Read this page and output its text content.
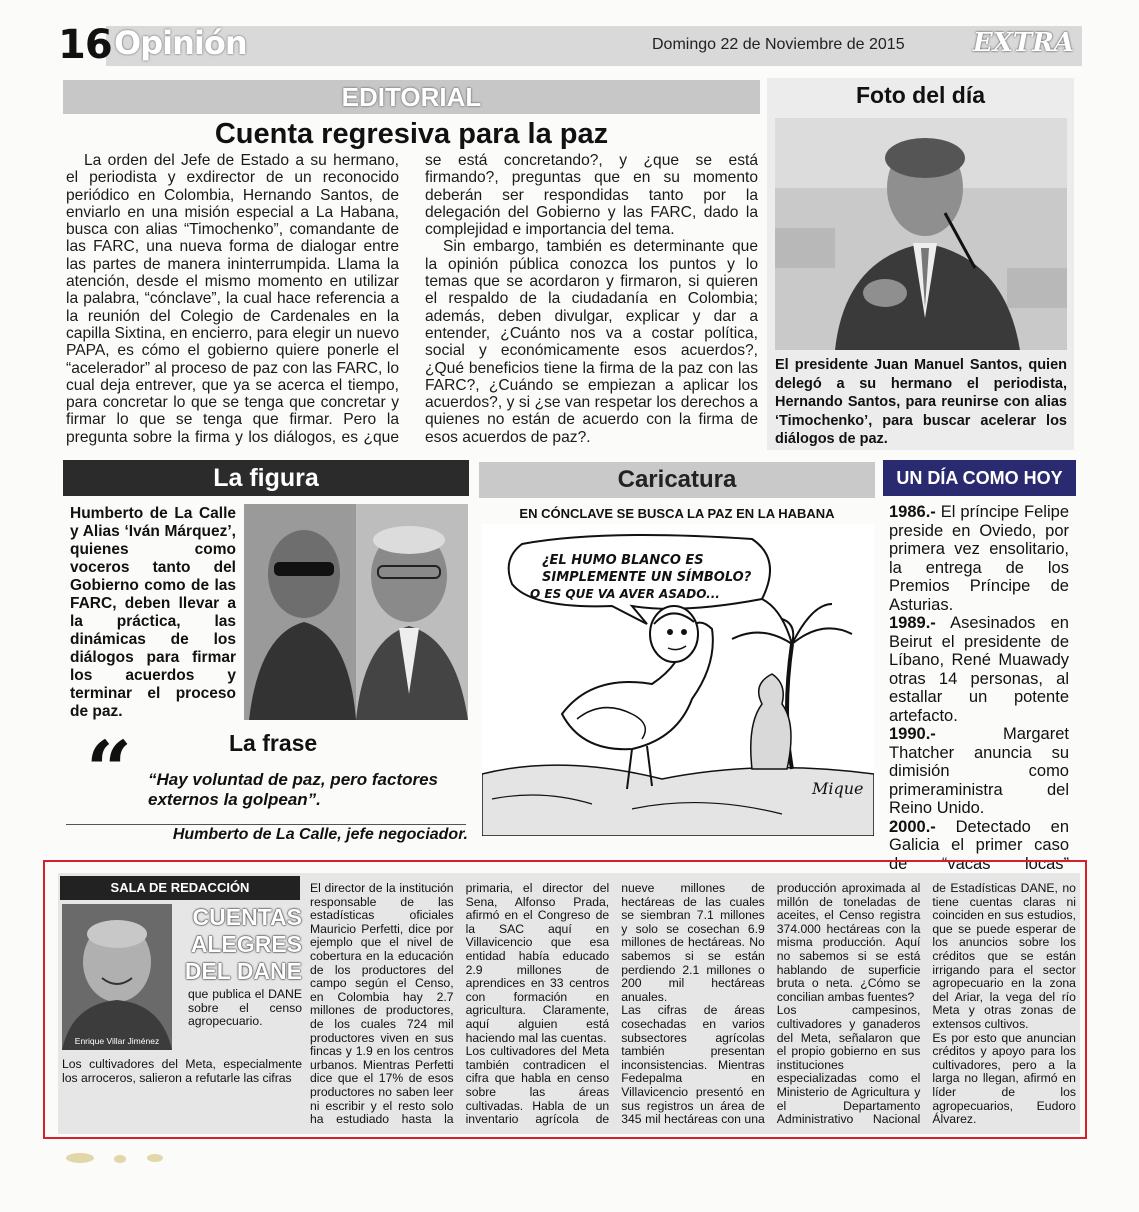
16 Opinión	Domingo 22 de Noviembre de 2015	EXTRA
EDITORIAL
Cuenta regresiva para la paz

La orden del Jefe de Estado a su hermano, el periodista y exdirector de un reconocido periódico en Colombia, Hernando Santos, de enviarlo en una misión especial a La Habana, busca con alias “Timochenko”, comandante de las FARC, una nueva forma de dialogar entre las partes de manera ininterrumpida. Llama la atención, desde el mismo momento en utilizar la palabra, “cónclave”, la cual hace referencia a la reunión del Colegio de Cardenales en la capilla Sixtina, en encierro, para elegir un nuevo PAPA, es cómo el gobierno quiere ponerle el “acelerador” al proceso de paz con las FARC, lo cual deja entrever, que ya se acerca el tiempo, para concretar lo que se tenga que concretar y firmar lo que se tenga que firmar. Pero la pregunta sobre la firma y los diálogos, es ¿que se está concretando?, y ¿que se está firmando?, preguntas que en su momento deberán ser respondidas tanto por la delegación del Gobierno y las FARC, dado la complejidad e importancia del tema.

Sin embargo, también es determinante que la opinión pública conozca los puntos y lo temas que se acordaron y firmaron, si quieren el respaldo de la ciudadanía en Colombia; además, deben divulgar, explicar y dar a entender, ¿Cuánto nos va a costar política, social y económicamente esos acuerdos?, ¿Qué beneficios tiene la firma de la paz con las FARC?, ¿Cuándo se empiezan a aplicar los acuerdos?, y si ¿se van respetar los derechos a quienes no están de acuerdo con la firma de esos acuerdos de paz?.

Foto del día
El presidente Juan Manuel Santos, quien delegó a su hermano el periodista, Hernando Santos, para reunirse con alias ‘Timochenko’, para buscar acelerar los diálogos de paz.
La figura
Humberto de La Calle y Alias ‘Iván Márquez’, quienes como voceros tanto del Gobierno como de las FARC, deben llevar a la práctica, las dinámicas de los diálogos para firmar los acuerdos y terminar el proceso de paz.
La frase
“ “Hay voluntad de paz, pero factores externos la golpean”.
Humberto de La Calle, jefe negociador.
Caricatura
EN CÓNCLAVE SE BUSCA LA PAZ EN LA HABANA
¿EL HUMO BLANCO ES
SIMPLEMENTE UN SÍMBOLO?
O ES QUE VA AVER ASADO...
Mique
UN DÍA COMO HOY

1986.- El príncipe Felipe preside en Oviedo, por primera vez ensolitario, la entrega de los Premios Príncipe de Asturias.

1989.- Asesinados en Beirut el presidente de Líbano, René Muawady otras 14 personas, al estallar un potente artefacto.

1990.-	Margaret Thatcher anuncia su dimisión como primeraministra del Reino Unido.

2000.- Detectado en Galicia el primer caso de “vacas locas”

SALA DE REDACCIÓN
Enrique Villar Jiménez
CUENTAS ALEGRES DEL DANE
que publica el DANE sobre el censo agropecuario.
Los cultivadores del Meta, especialmente los arroceros, salieron a refutarle las cifras

El director de la institución responsable de las estadísticas oficiales Mauricio Perfetti, dice por ejemplo que el nivel de cobertura en la educación de los productores del campo según el Censo, en Colombia hay 2.7 millones de productores, de los cuales 724 mil productores viven en sus fincas y 1.9 en los centros urbanos. Mientras Perfetti dice que el 17% de esos productores no saben leer ni escribir y el resto solo ha estudiado hasta la primaria, el director del Sena, Alfonso Prada, afirmó en el Congreso de la SAC aquí en Villavicencio que esa entidad había educado 2.9 millones de aprendices en 33 centros con formación en agricultura. Claramente, aquí alguien está haciendo mal las cuentas.

Los cultivadores del Meta también contradicen el cifra que habla en censo sobre las áreas cultivadas. Habla de un inventario agrícola de nueve millones de hectáreas de las cuales se siembran 7.1 millones y solo se cosechan 6.9 millones de hectáreas. No sabemos si se están perdiendo 2.1 millones o 200 mil hectáreas anuales.

Las cifras de áreas cosechadas en varios subsectores agrícolas también presentan inconsistencias. Mientras Fedepalma en Villavicencio presentó en sus registros un área de 345 mil hectáreas con una producción aproximada al millón de toneladas de aceites, el Censo registra 374.000 hectáreas con la misma producción. Aquí no sabemos si se está hablando de superficie bruta o neta. ¿Cómo se concilian ambas fuentes?

Los campesinos, cultivadores y ganaderos del Meta, señalaron que el propio gobierno en sus instituciones especializadas como el Ministerio de Agricultura y el Departamento Administrativo Nacional de Estadísticas DANE, no tiene cuentas claras ni coinciden en sus estudios, que se puede esperar de los anuncios sobre los créditos que se están irrigando para el sector agropecuario en la zona del Ariar, la vega del río Meta y otras zonas de extensos cultivos.

Es por esto que anuncian créditos y apoyo para los cultivadores, pero a la larga no llegan, afirmó en líder de los agropecuarios, Eudoro Álvarez.
